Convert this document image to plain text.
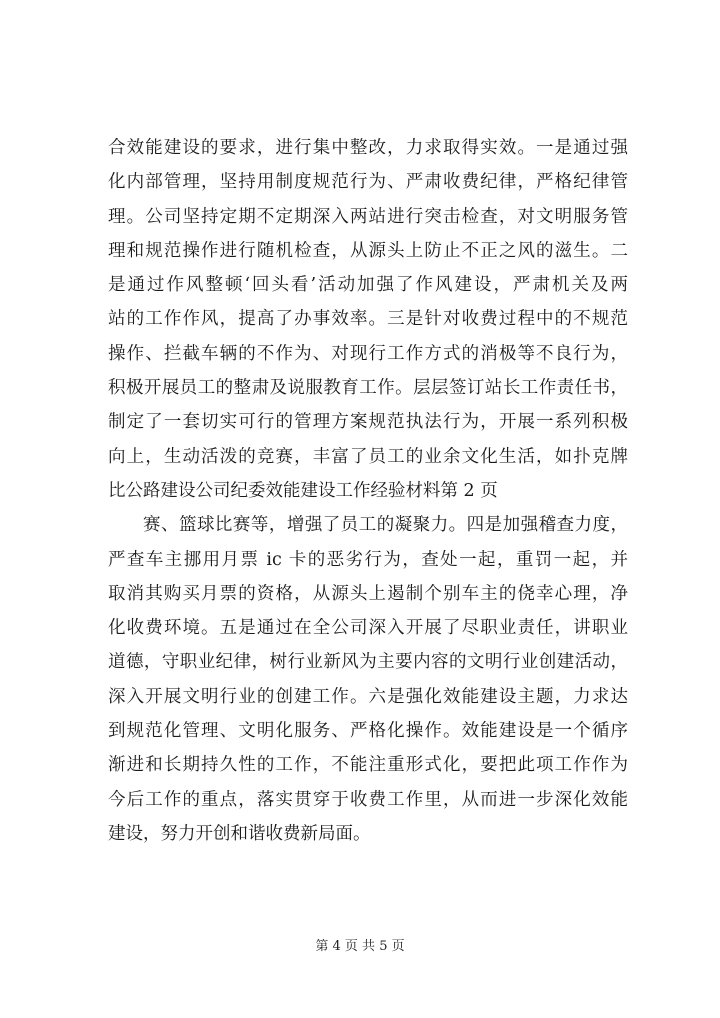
合效能建设的要求，进行集中整改，力求取得实效。一是通过强
化内部管理，坚持用制度规范行为、严肃收费纪律，严格纪律管
理。公司坚持定期不定期深入两站进行突击检查，对文明服务管
理和规范操作进行随机检查，从源头上防止不正之风的滋生。二
是通过作风整顿‘回头看’活动加强了作风建设，严肃机关及两
站的工作作风，提高了办事效率。三是针对收费过程中的不规范
操作、拦截车辆的不作为、对现行工作方式的消极等不良行为，
积极开展员工的整肃及说服教育工作。层层签订站长工作责任书，
制定了一套切实可行的管理方案规范执法行为，开展一系列积极
向上，生动活泼的竞赛，丰富了员工的业余文化生活，如扑克牌
比公路建设公司纪委效能建设工作经验材料第 2 页
赛、篮球比赛等，增强了员工的凝聚力。四是加强稽查力度，
严查车主挪用月票 ic 卡的恶劣行为，查处一起，重罚一起，并
取消其购买月票的资格，从源头上遏制个别车主的侥幸心理，净
化收费环境。五是通过在全公司深入开展了尽职业责任，讲职业
道德，守职业纪律，树行业新风为主要内容的文明行业创建活动，
深入开展文明行业的创建工作。六是强化效能建设主题，力求达
到规范化管理、文明化服务、严格化操作。效能建设是一个循序
渐进和长期持久性的工作，不能注重形式化，要把此项工作作为
今后工作的重点，落实贯穿于收费工作里，从而进一步深化效能
建设，努力开创和谐收费新局面。
第 4 页 共 5 页
